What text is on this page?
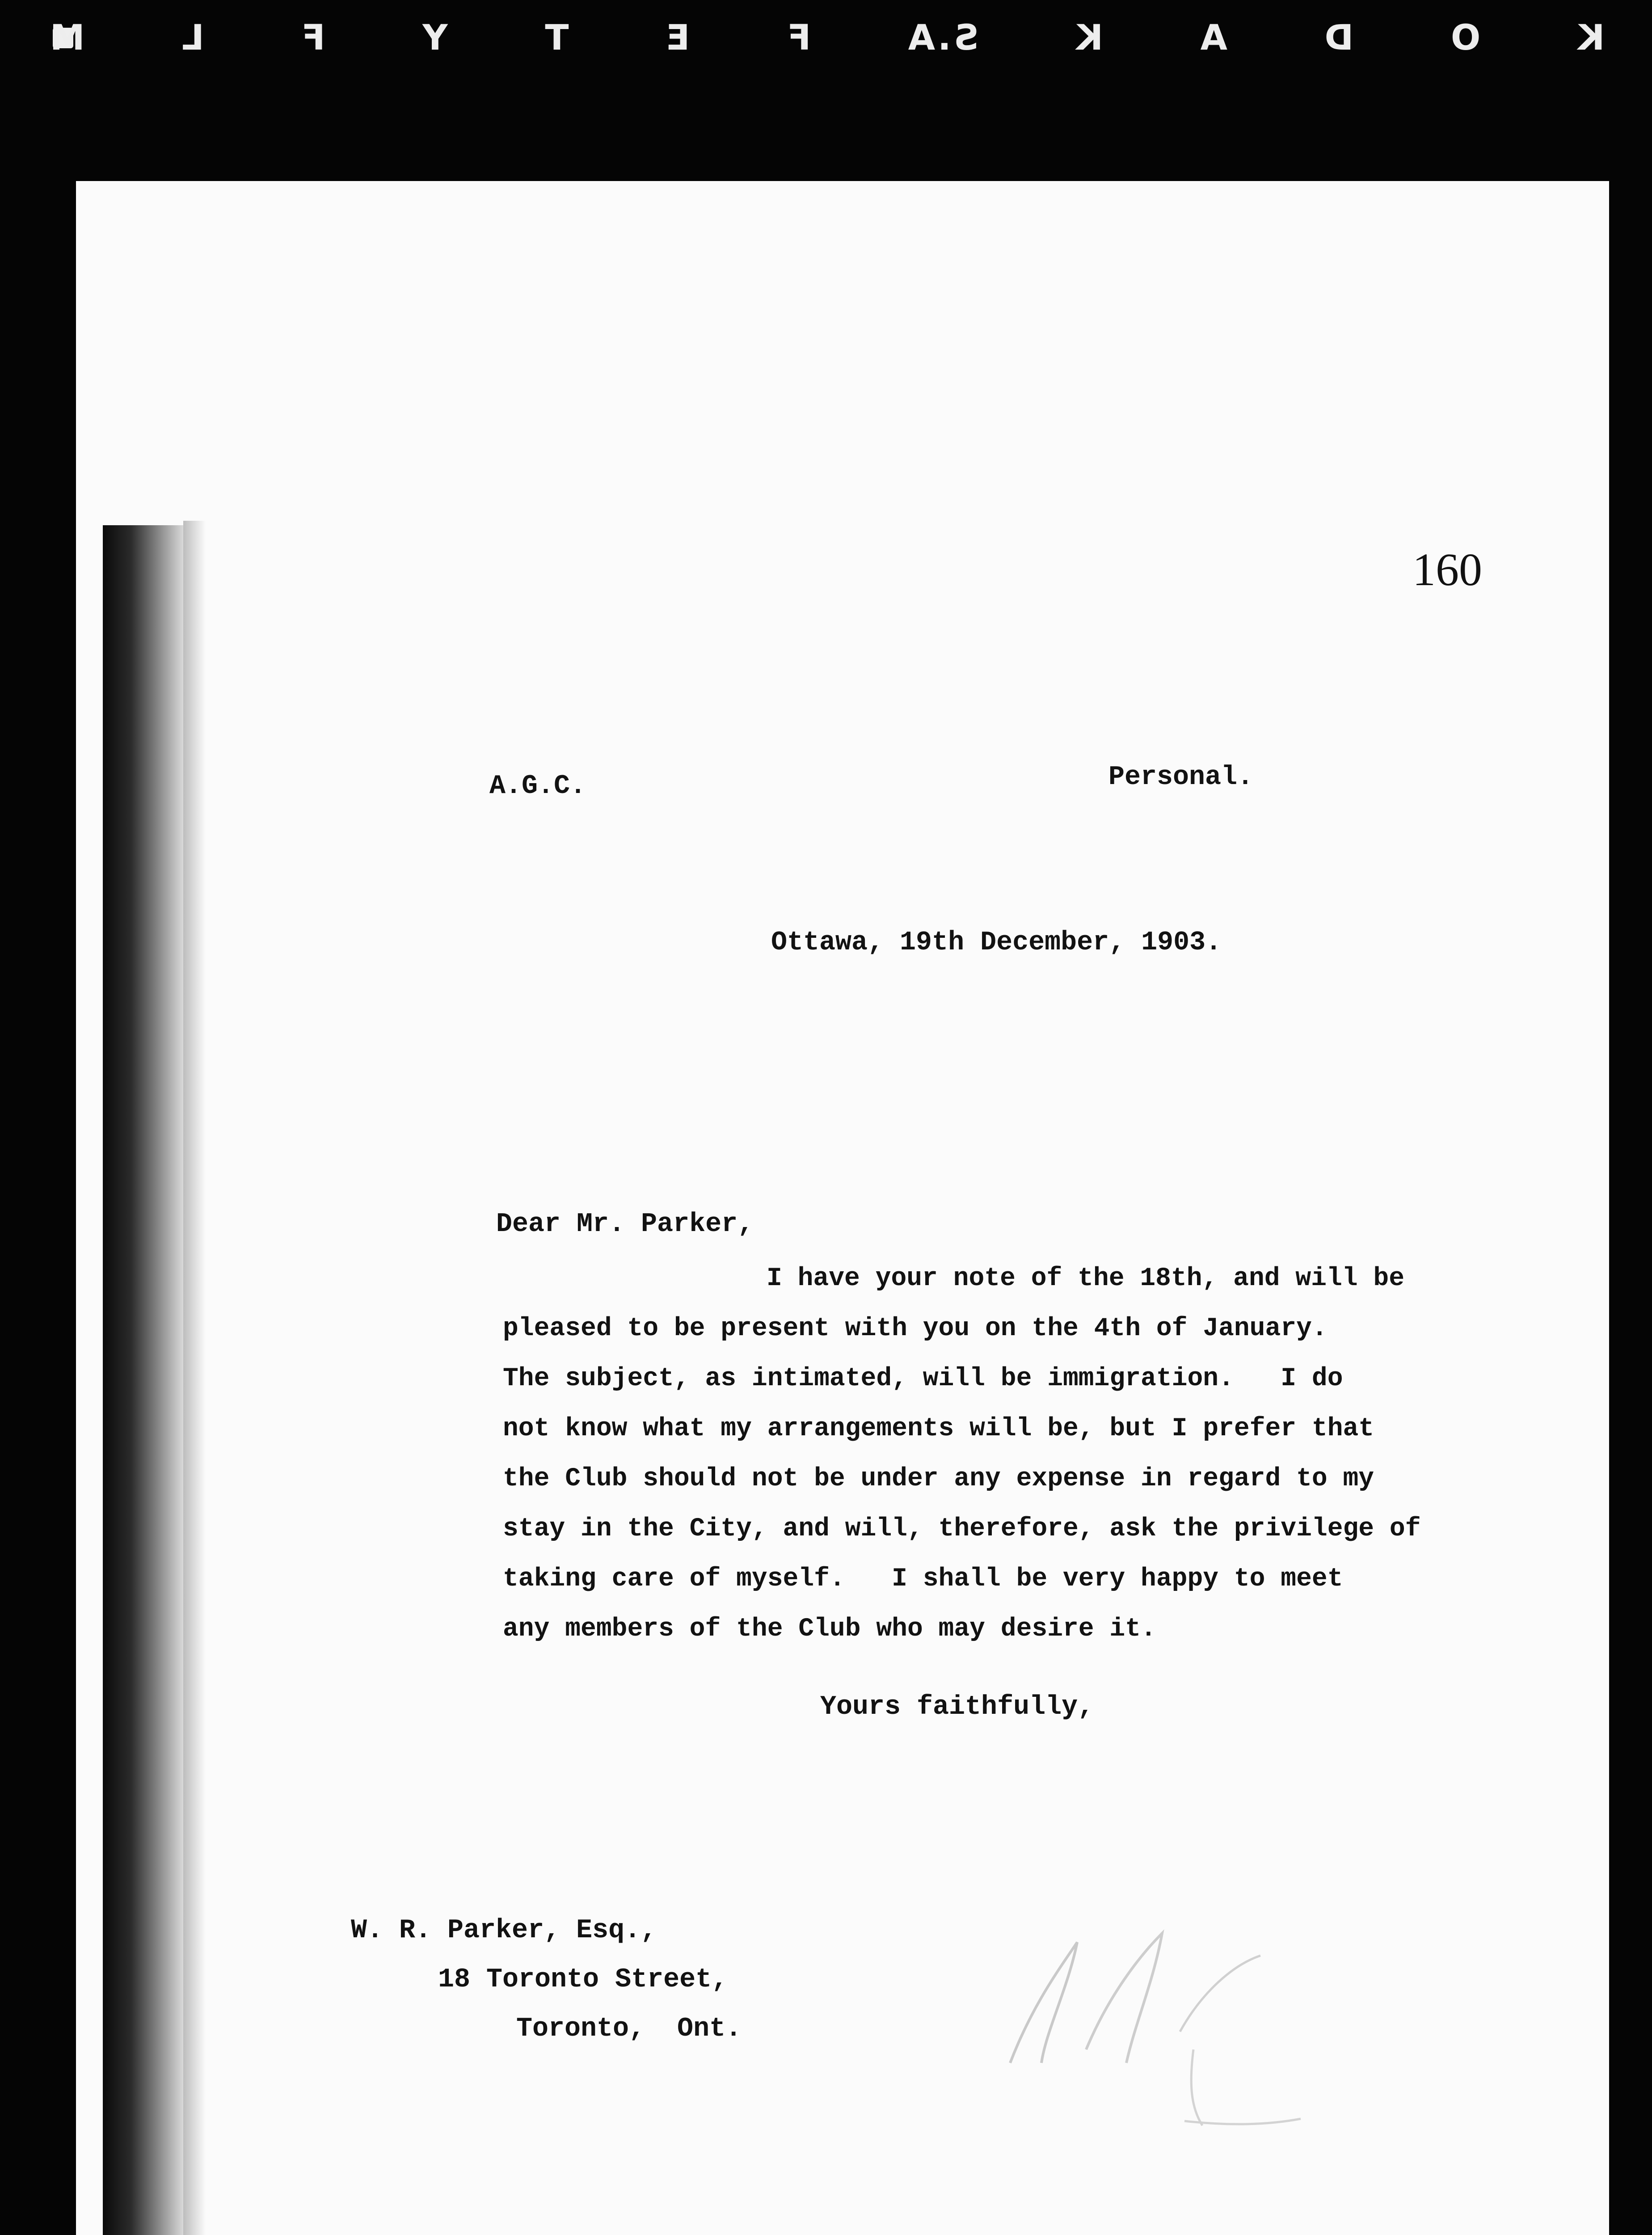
K
O
D
A
K
S.A
F
E
T
Y
F
L
M
160
A.G.C.	Personal.
Ottawa, 19th December, 1903.
Dear Mr. Parker,
I have your note of the 18th, and will be
pleased to be present with you on the 4th of January.
The subject, as intimated, will be immigration.   I do
not know what my arrangements will be, but I prefer that
the Club should not be under any expense in regard to my
stay in the City, and will, therefore, ask the privilege of
taking care of myself.   I shall be very happy to meet
any members of the Club who may desire it.
Yours faithfully,
W. R. Parker, Esq.,
18 Toronto Street,
Toronto,  Ont.
